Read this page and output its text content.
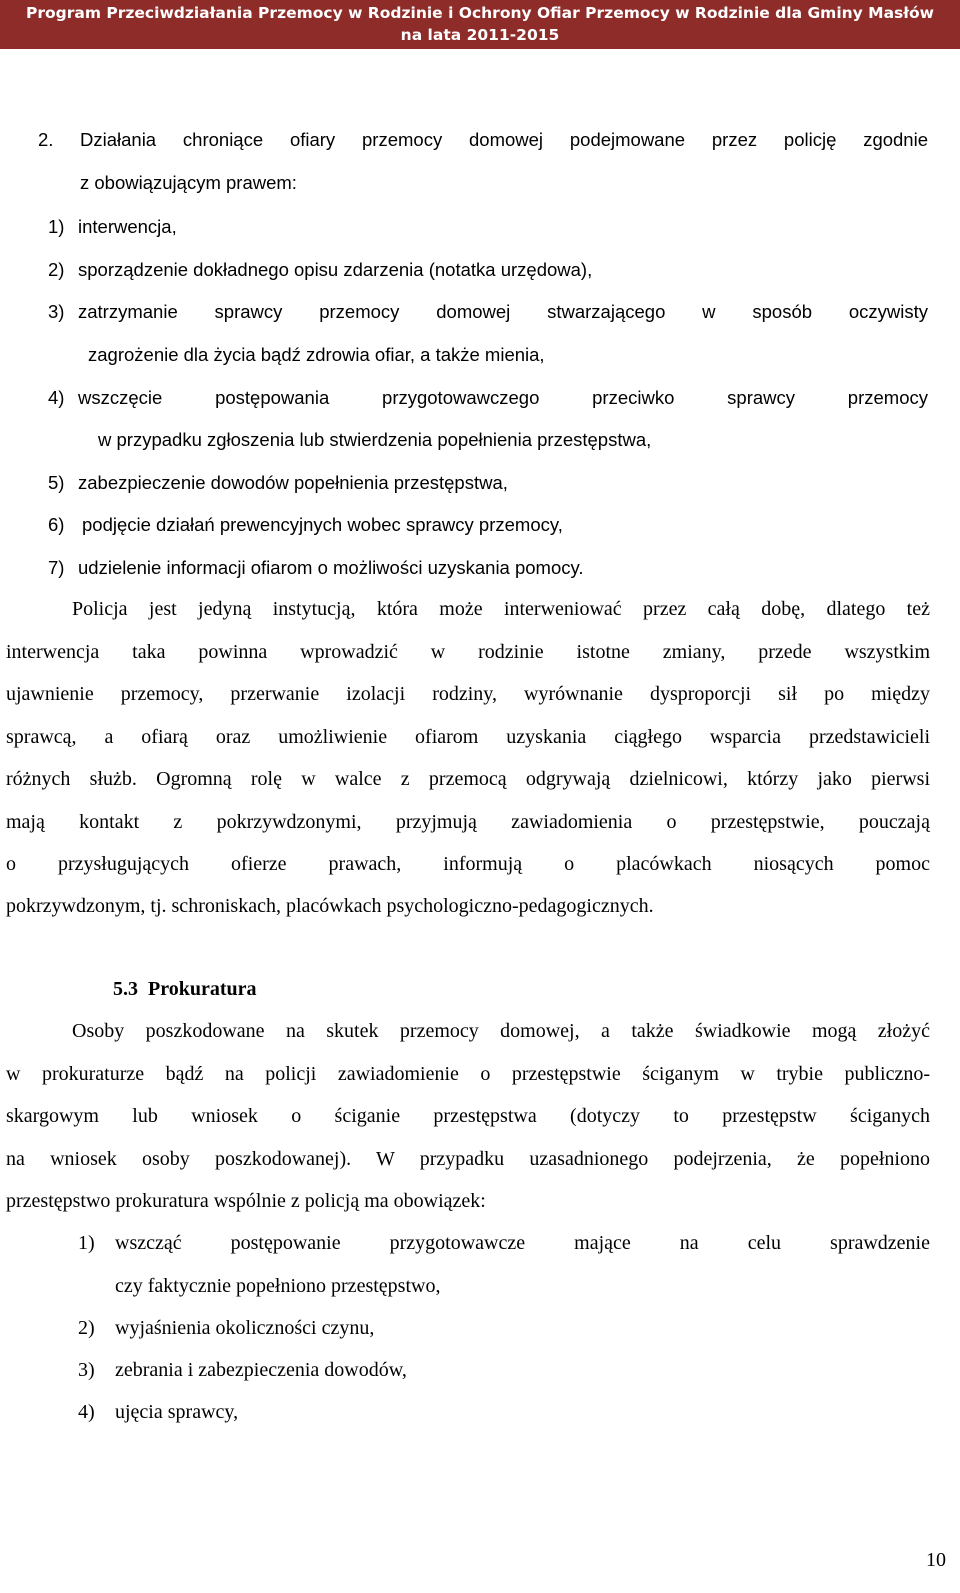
Program Przeciwdziałania Przemocy w Rodzinie i Ochrony Ofiar Przemocy w Rodzinie dla Gminy Masłów
na lata 2011-2015
2. Działania chroniące ofiary przemocy domowej podejmowane przez policję zgodnie
z obowiązującym prawem:
1) interwencja,
2) sporządzenie dokładnego opisu zdarzenia (notatka urzędowa),
3) zatrzymanie sprawcy przemocy domowej stwarzającego w sposób oczywisty
zagrożenie dla życia bądź zdrowia ofiar, a także mienia,
4) wszczęcie postępowania przygotowawczego przeciwko sprawcy przemocy
w przypadku zgłoszenia lub stwierdzenia popełnienia przestępstwa,
5) zabezpieczenie dowodów popełnienia przestępstwa,
6) podjęcie działań prewencyjnych wobec sprawcy przemocy,
7) udzielenie informacji ofiarom o możliwości uzyskania pomocy.
Policja jest jedyną instytucją, która może interweniować przez całą dobę, dlatego też
interwencja taka powinna wprowadzić w rodzinie istotne zmiany, przede wszystkim
ujawnienie przemocy, przerwanie izolacji rodziny, wyrównanie dysproporcji sił po między
sprawcą, a ofiarą oraz umożliwienie ofiarom uzyskania ciągłego wsparcia przedstawicieli
różnych służb. Ogromną rolę w walce z przemocą odgrywają dzielnicowi, którzy jako pierwsi
mają kontakt z pokrzywdzonymi, przyjmują zawiadomienia o przestępstwie, pouczają
o przysługujących ofierze prawach, informują o placówkach niosących pomoc
pokrzywdzonym, tj. schroniskach, placówkach psychologiczno-pedagogicznych.
5.3 Prokuratura
Osoby poszkodowane na skutek przemocy domowej, a także świadkowie mogą złożyć
w prokuraturze bądź na policji zawiadomienie o przestępstwie ściganym w trybie publiczno-
skargowym lub wniosek o ściganie przestępstwa (dotyczy to przestępstw ściganych
na wniosek osoby poszkodowanej). W przypadku uzasadnionego podejrzenia, że popełniono
przestępstwo prokuratura wspólnie z policją ma obowiązek:
1) wszcząć postępowanie przygotowawcze mające na celu sprawdzenie
czy faktycznie popełniono przestępstwo,
2) wyjaśnienia okoliczności czynu,
3) zebrania i zabezpieczenia dowodów,
4) ujęcia sprawcy,
10
